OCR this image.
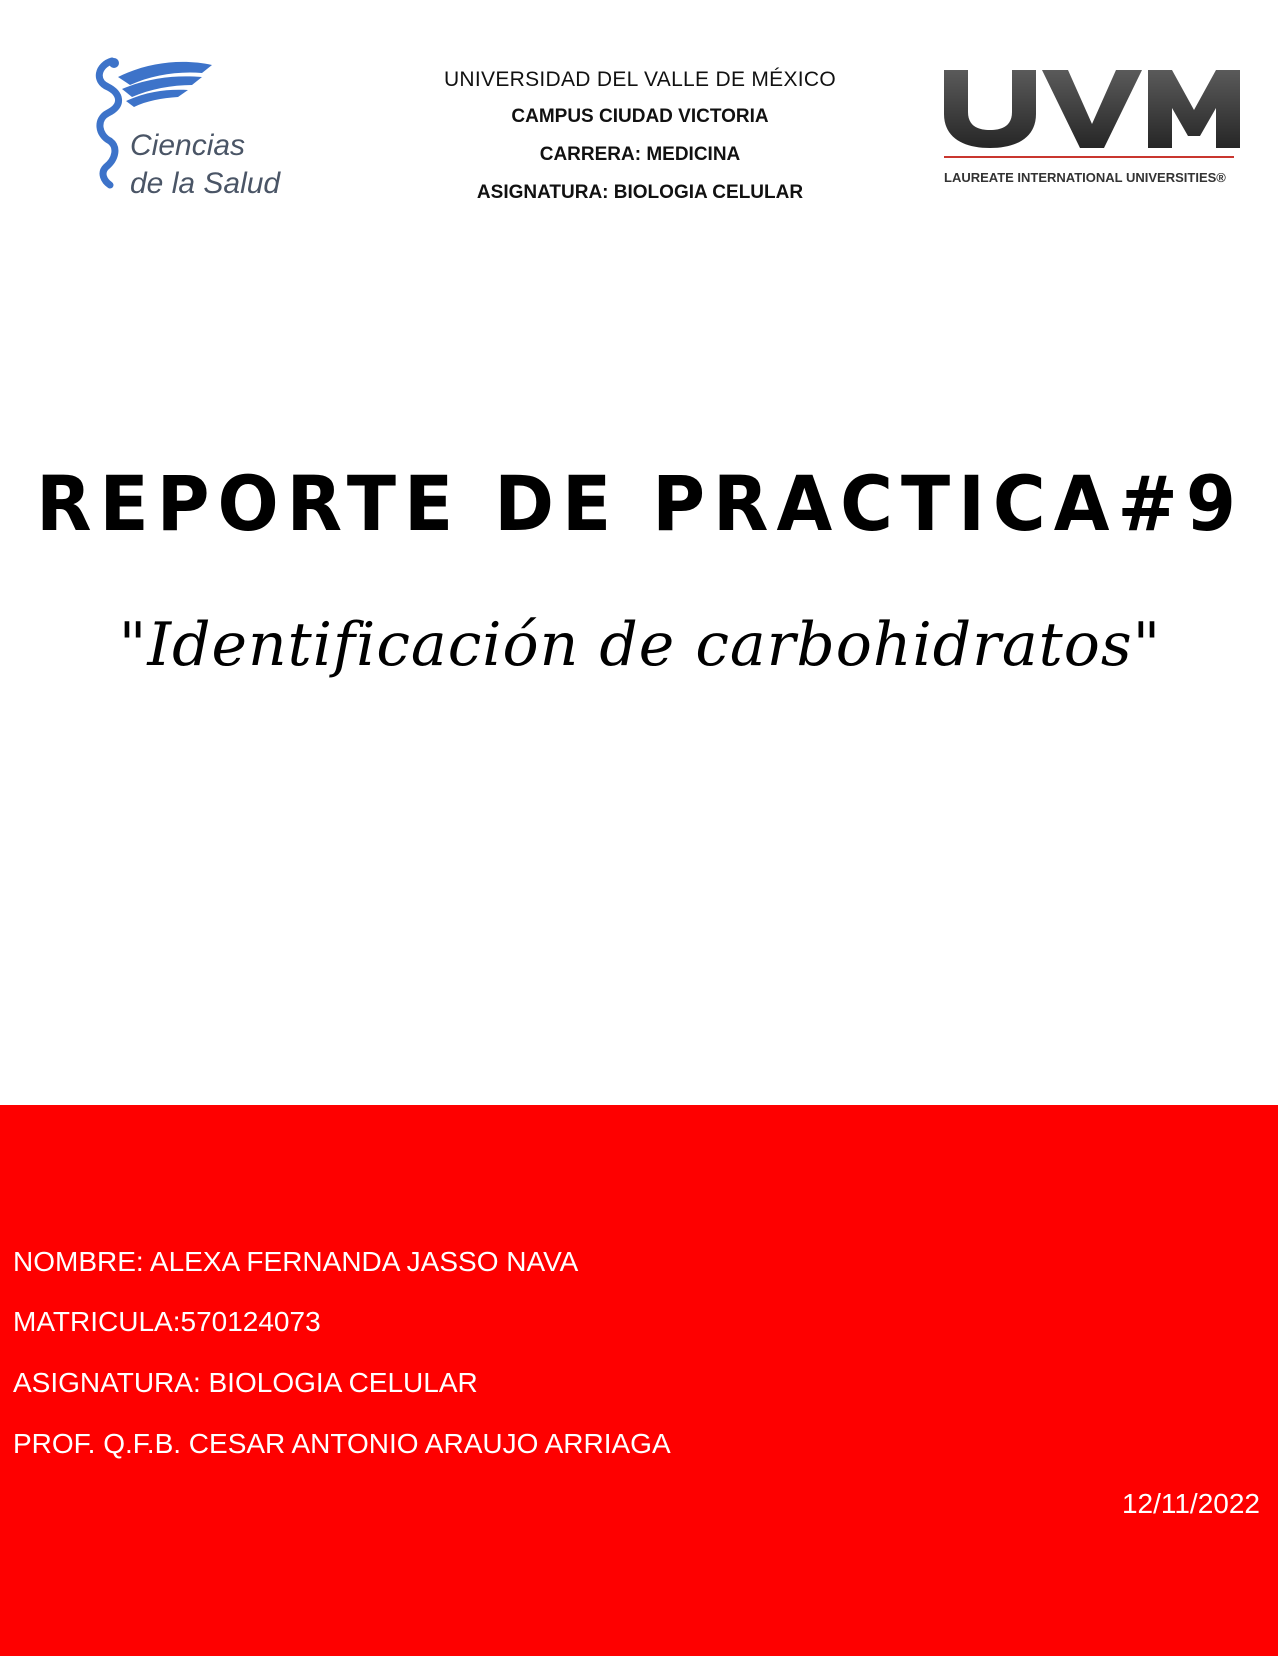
Ciencias
de la Salud
UNIVERSIDAD DEL VALLE DE MÉXICO
CAMPUS CIUDAD VICTORIA
CARRERA: MEDICINA
ASIGNATURA: BIOLOGIA CELULAR
LAUREATE INTERNATIONAL UNIVERSITIES®
REPORTE DE PRACTICA#9
"Identificación de carbohidratos"
NOMBRE: ALEXA FERNANDA JASSO NAVA
MATRICULA:570124073
ASIGNATURA: BIOLOGIA CELULAR
PROF. Q.F.B. CESAR ANTONIO ARAUJO ARRIAGA
12/11/2022
